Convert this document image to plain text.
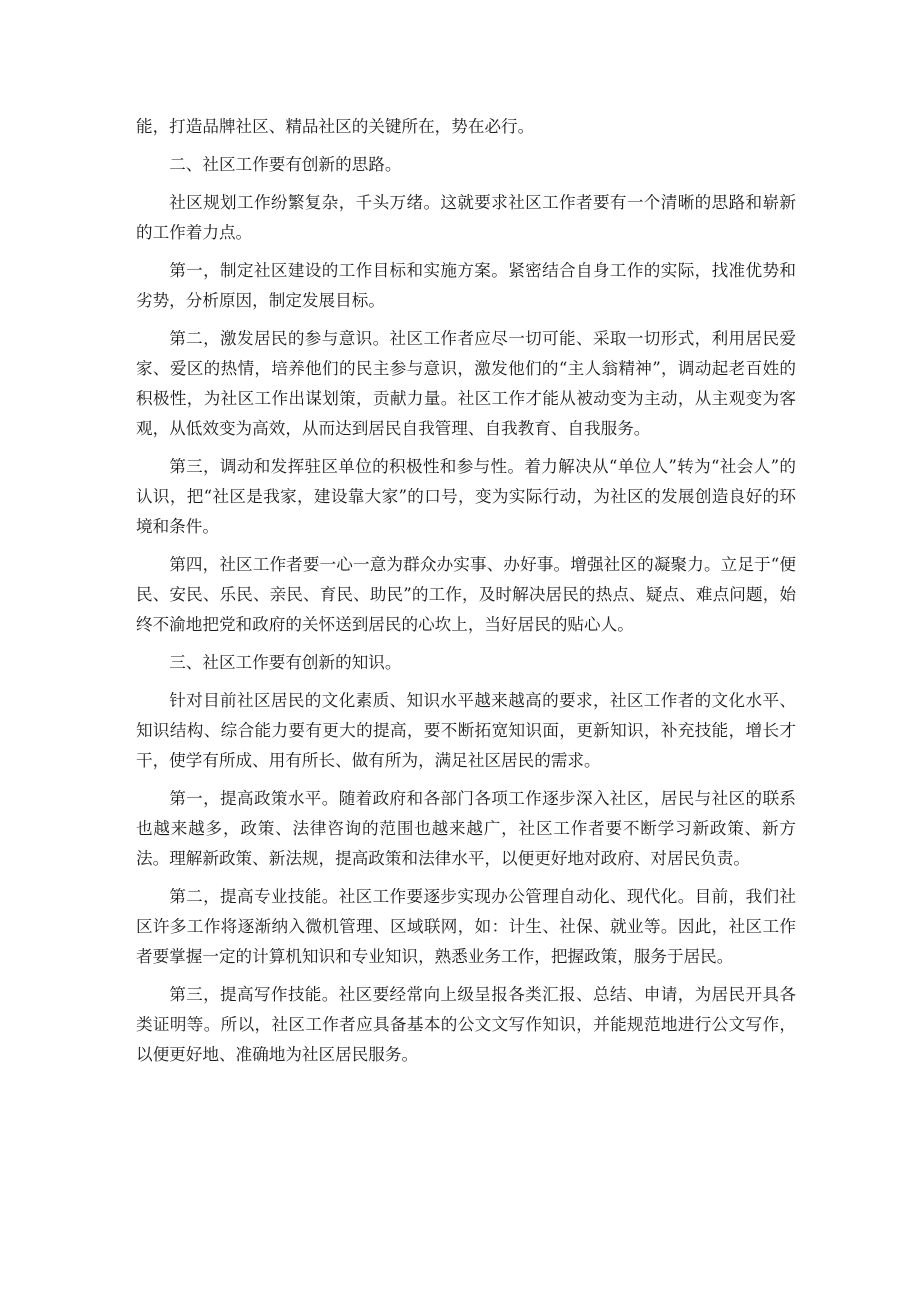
能，打造品牌社区、精品社区的关键所在，势在必行。

二、社区工作要有创新的思路。

社区规划工作纷繁复杂，千头万绪。这就要求社区工作者要有一个清晰的思路和崭新的工作着力点。

第一，制定社区建设的工作目标和实施方案。紧密结合自身工作的实际，找准优势和劣势，分析原因，制定发展目标。

第二，激发居民的参与意识。社区工作者应尽一切可能、采取一切形式，利用居民爱家、爱区的热情，培养他们的民主参与意识，激发他们的“主人翁精神”，调动起老百姓的积极性，为社区工作出谋划策，贡献力量。社区工作才能从被动变为主动，从主观变为客观，从低效变为高效，从而达到居民自我管理、自我教育、自我服务。

第三，调动和发挥驻区单位的积极性和参与性。着力解决从“单位人”转为“社会人”的认识，把“社区是我家，建设靠大家”的口号，变为实际行动，为社区的发展创造良好的环境和条件。

第四，社区工作者要一心一意为群众办实事、办好事。增强社区的凝聚力。立足于“便民、安民、乐民、亲民、育民、助民”的工作，及时解决居民的热点、疑点、难点问题，始终不渝地把党和政府的关怀送到居民的心坎上，当好居民的贴心人。

三、社区工作要有创新的知识。

针对目前社区居民的文化素质、知识水平越来越高的要求，社区工作者的文化水平、知识结构、综合能力要有更大的提高，要不断拓宽知识面，更新知识，补充技能，增长才干，使学有所成、用有所长、做有所为，满足社区居民的需求。

第一，提高政策水平。随着政府和各部门各项工作逐步深入社区，居民与社区的联系也越来越多，政策、法律咨询的范围也越来越广，社区工作者要不断学习新政策、新方法。理解新政策、新法规，提高政策和法律水平，以便更好地对政府、对居民负责。

第二，提高专业技能。社区工作要逐步实现办公管理自动化、现代化。目前，我们社区许多工作将逐渐纳入微机管理、区域联网，如：计生、社保、就业等。因此，社区工作者要掌握一定的计算机知识和专业知识，熟悉业务工作，把握政策，服务于居民。

第三，提高写作技能。社区要经常向上级呈报各类汇报、总结、申请，为居民开具各类证明等。所以，社区工作者应具备基本的公文文写作知识，并能规范地进行公文写作，以便更好地、准确地为社区居民服务。
